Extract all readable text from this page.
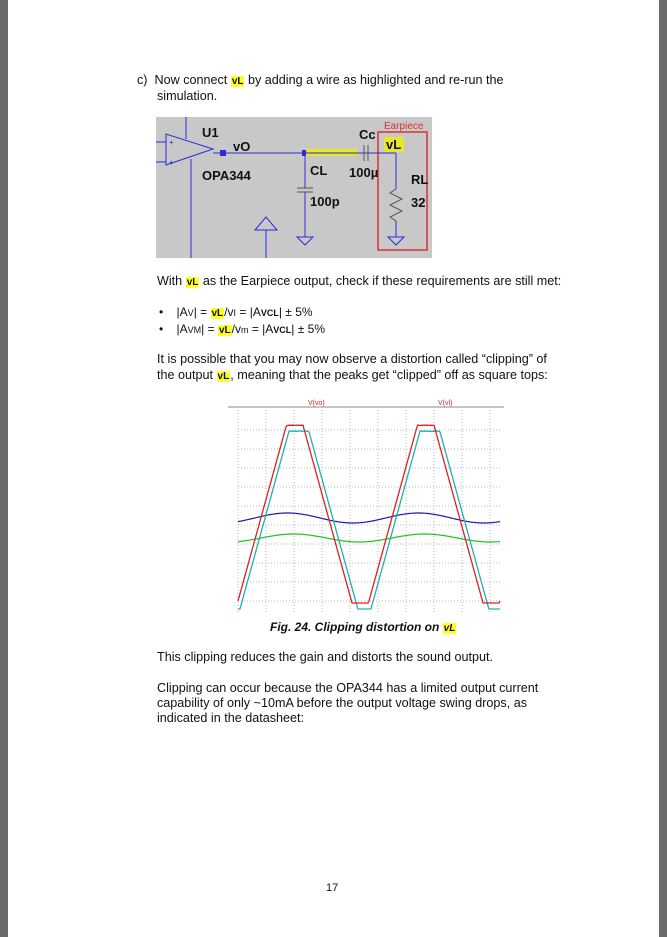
c) Now connect vL by adding a wire as highlighted and re-run the
simulation.
+
+
U1
vO
OPA344
Cc
Earpiece
vL
CL 100µ	RL
100p	32
With vL as the Earpiece output, check if these requirements are still met:
•    |AV| = vL/vI = |AVCL| ± 5%
•    |AVM| = vL/vm = |AVCL| ± 5%
It is possible that you may now observe a distortion called “clipping” of
the output vL, meaning that the peaks get “clipped” off as square tops:
V(vo)	V(vl)
Fig. 24. Clipping distortion on vL
This clipping reduces the gain and distorts the sound output.
Clipping can occur because the OPA344 has a limited output current
capability of only ~10mA before the output voltage swing drops, as
indicated in the datasheet:
17
